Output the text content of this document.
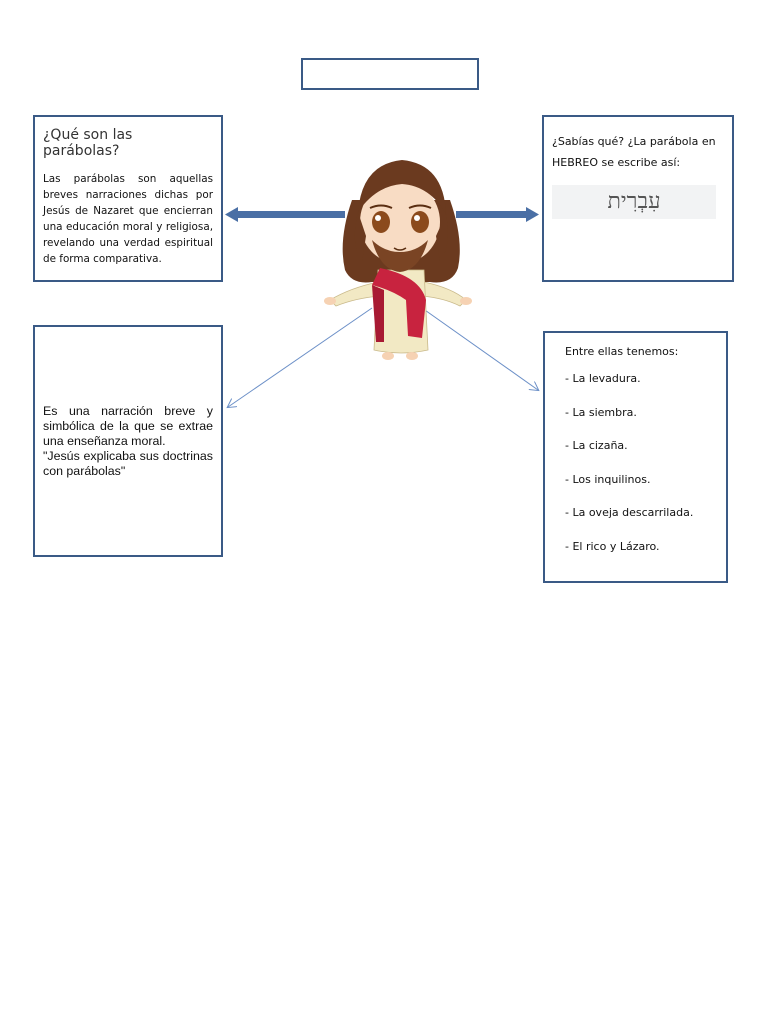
¿Qué son las parábolas?
Las parábolas son aquellas breves narraciones dichas por Jesús de Nazaret que encierran una educación moral y religiosa, revelando una verdad espiritual de forma comparativa.
¿Sabías qué? ¿La parábola en HEBREO se escribe así:
עִבְרִית
Es una narración breve y simbólica de la que se extrae una enseñanza moral.
"Jesús explicaba sus doctrinas con parábolas"
Entre ellas tenemos:
- La levadura.
- La siembra.
- La cizaña.
- Los inquilinos.
- La oveja descarrilada.
- El rico y Lázaro.
